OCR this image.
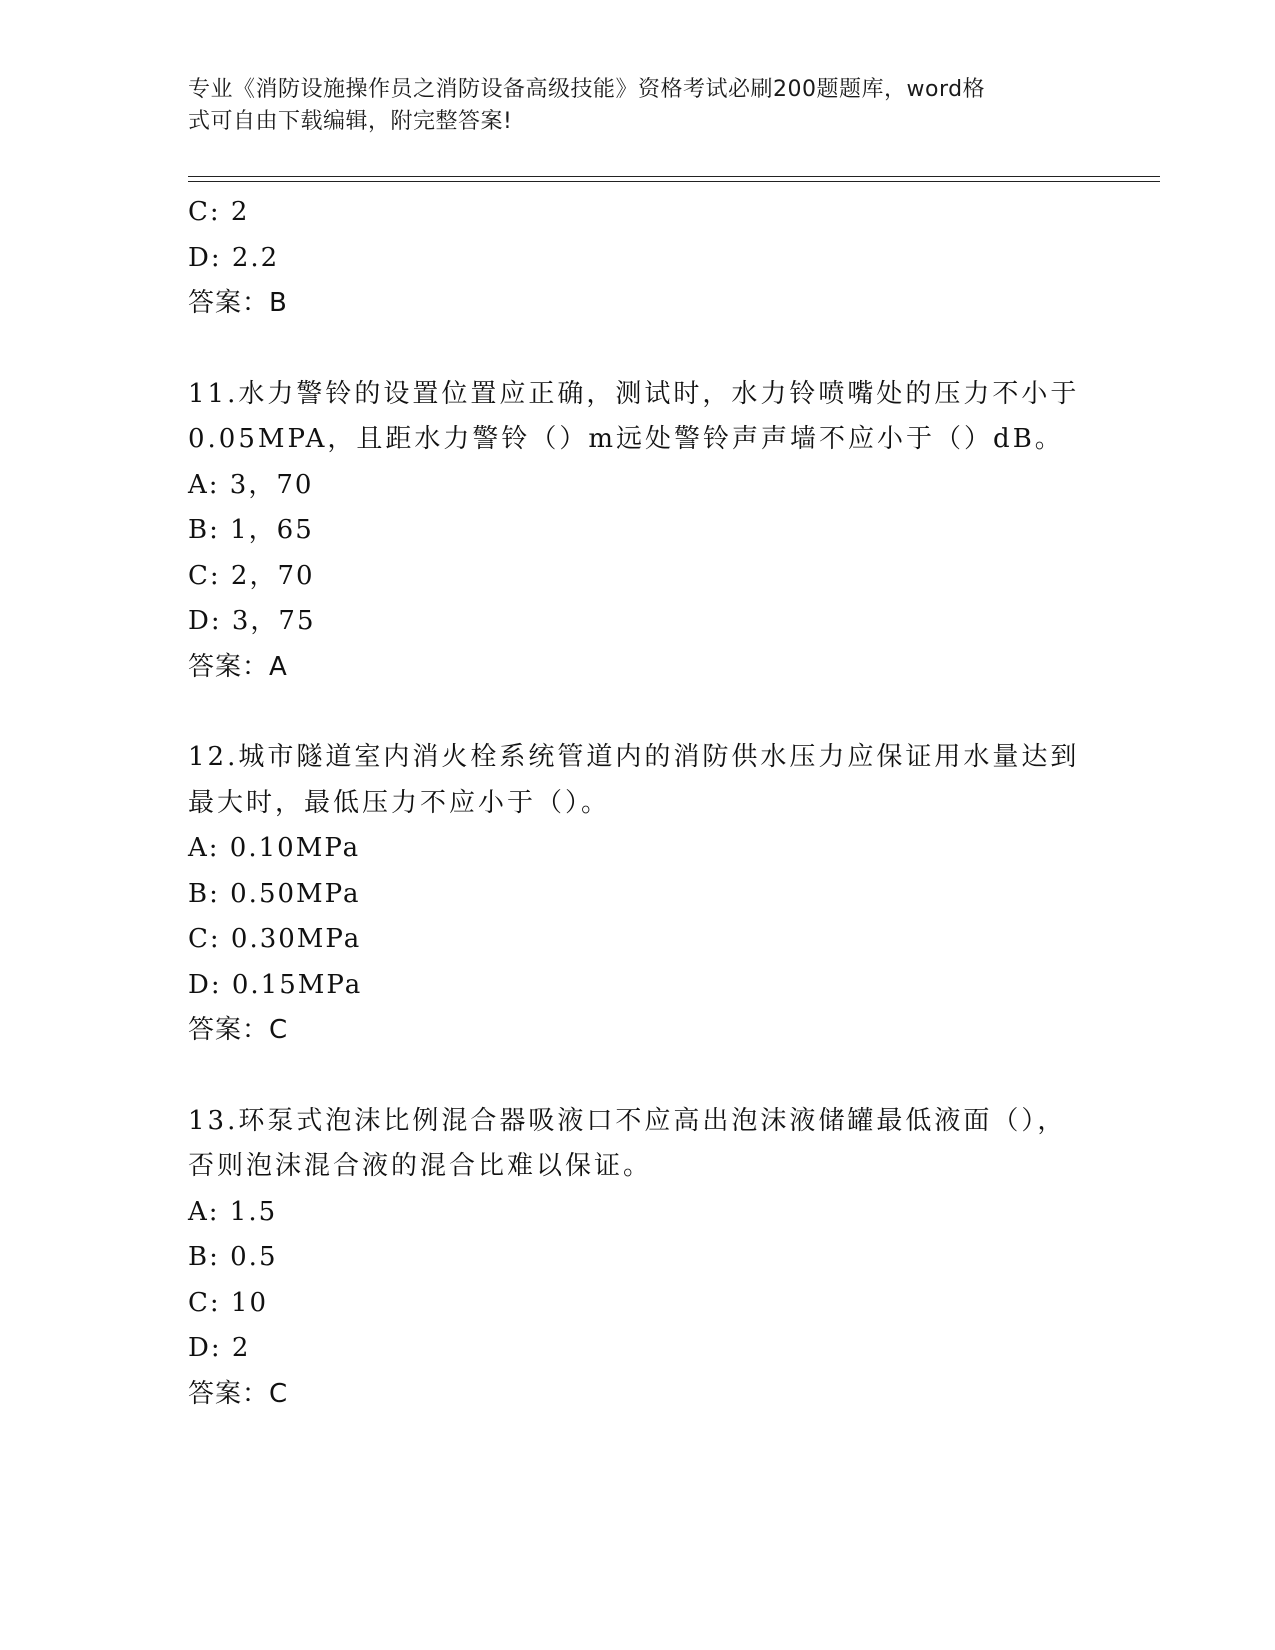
专业《消防设施操作员之消防设备高级技能》资格考试必刷200题题库，word格
式可自由下载编辑，附完整答案!
C: 2
D: 2.2
答案：B
11.水力警铃的设置位置应正确，测试时，水力铃喷嘴处的压力不小于
0.05MPA，且距水力警铃（）m远处警铃声声墙不应小于（）dB。
A: 3，70
B: 1，65
C: 2，70
D: 3，75
答案：A
12.城市隧道室内消火栓系统管道内的消防供水压力应保证用水量达到
最大时，最低压力不应小于（）。
A: 0.10MPa
B: 0.50MPa
C: 0.30MPa
D: 0.15MPa
答案：C
13.环泵式泡沫比例混合器吸液口不应高出泡沫液储罐最低液面（），
否则泡沫混合液的混合比难以保证。
A: 1.5
B: 0.5
C: 10
D: 2
答案：C
